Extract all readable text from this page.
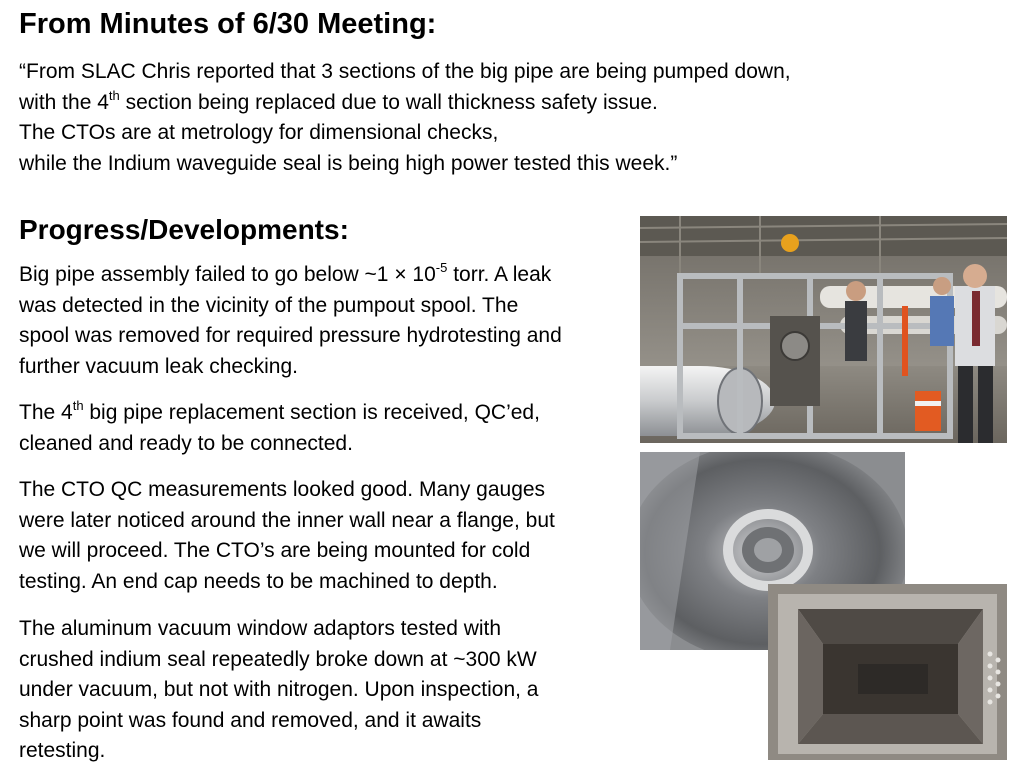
From Minutes of 6/30 Meeting:
“From SLAC Chris reported that 3 sections of the big pipe are being pumped down,
with the 4th section being replaced due to wall thickness safety issue.
The CTOs are at metrology for dimensional checks,
while the Indium waveguide seal is being high power tested this week.”
Progress/Developments:
Big pipe assembly failed to go below ~1 × $10^{-5}$ torr. A leak
was detected in the vicinity of the pumpout spool. The
spool was removed for required pressure hydrotesting and
further vacuum leak checking.
The 4th big pipe replacement section is received, QC’ed,
cleaned and ready to be connected.
The CTO QC measurements looked good. Many gauges
were later noticed around the inner wall near a flange, but
we will proceed. The CTO’s are being mounted for cold
testing. An end cap needs to be machined to depth.
The aluminum vacuum window adaptors tested with
crushed indium seal repeatedly broke down at ~300 kW
under vacuum, but not with nitrogen. Upon inspection, a
sharp point was found and removed, and it awaits
retesting.
